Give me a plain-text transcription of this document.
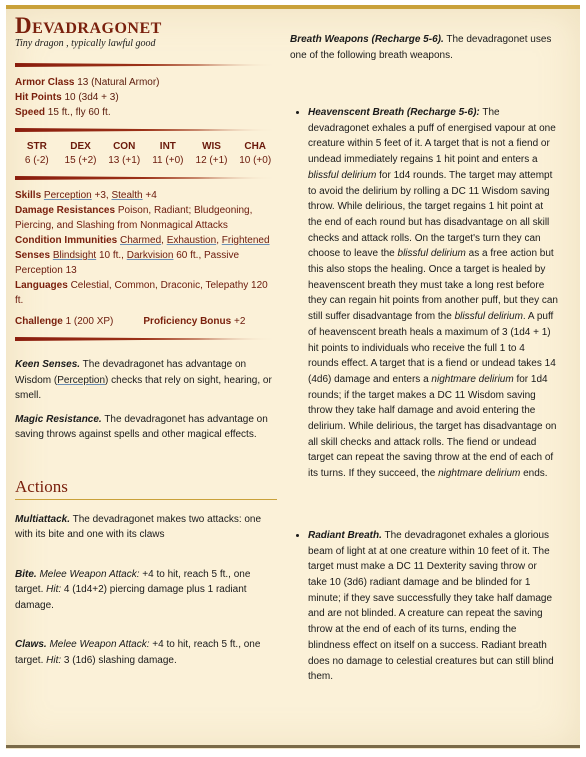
Devadragonet
Tiny dragon , typically lawful good
Armor Class 13 (Natural Armor)
Hit Points 10 (3d4 + 3)
Speed 15 ft., fly 60 ft.
STR
6 (-2)
DEX
15 (+2)
CON
13 (+1)
INT
11 (+0)
WIS
12 (+1)
CHA
10 (+0)
Skills Perception +3, Stealth +4
Damage Resistances Poison, Radiant; Bludgeoning, Piercing, and Slashing from Nonmagical Attacks
Condition Immunities Charmed, Exhaustion, Frightened
Senses Blindsight 10 ft., Darkvision 60 ft., Passive Perception 13
Languages Celestial, Common, Draconic, Telepathy 120 ft.
Challenge 1 (200 XP)	Proficiency Bonus +2

Keen Senses. The devadragonet has advantage on Wisdom (Perception) checks that rely on sight, hearing, or smell.

Magic Resistance. The devadragonet has advantage on saving throws against spells and other magical effects.

Actions

Multiattack. The devadragonet makes two attacks: one with its bite and one with its claws

Bite. Melee Weapon Attack: +4 to hit, reach 5 ft., one target. Hit: 4 (1d4+2) piercing damage plus 1 radiant damage.

Claws. Melee Weapon Attack: +4 to hit, reach 5 ft., one target. Hit: 3 (1d6) slashing damage.

Breath Weapons (Recharge 5-6). The devadragonet uses one of the following breath weapons.

• Heavenscent Breath (Recharge 5-6): The devadragonet exhales a puff of energised vapour at one creature within 5 feet of it. A target that is not a fiend or undead immediately regains 1 hit point and enters a blissful delirium for 1d4 rounds. The target may attempt to avoid the delirium by rolling a DC 11 Wisdom saving throw. While delirious, the target regains 1 hit point at the end of each round but has disadvantage on all skill checks and attack rolls. On the target's turn they can choose to leave the blissful delirium as a free action but this also stops the healing. Once a target is healed by heavenscent breath they must take a long rest before they can regain hit points from another puff, but they can still suffer disadvantage from the blissful delirium. A puff of heavenscent breath heals a maximum of 3 (1d4 + 1) hit points to individuals who receive the full 1 to 4 rounds effect. A target that is a fiend or undead takes 14 (4d6) damage and enters a nightmare delirium for 1d4 rounds; if the target makes a DC 11 Wisdom saving throw they take half damage and avoid entering the delirium. While delirious, the target has disadvantage on all skill checks and attack rolls. The fiend or undead target can repeat the saving throw at the end of each of its turns. If they succeed, the nightmare delirium ends.
• Radiant Breath. The devadragonet exhales a glorious beam of light at at one creature within 10 feet of it. The target must make a DC 11 Dexterity saving throw or take 10 (3d6) radiant damage and be blinded for 1 minute; if they save successfully they take half damage and are not blinded. A creature can repeat the saving throw at the end of each of its turns, ending the blindness effect on itself on a success. Radiant breath does no damage to celestial creatures but can still blind them.
